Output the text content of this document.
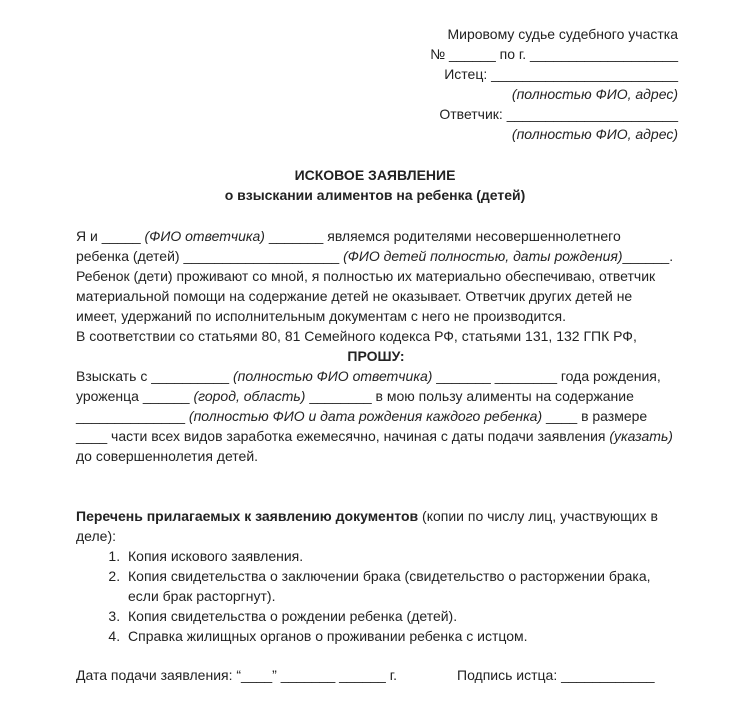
Мировому судье судебного участка
№ ______ по г. ___________________
Истец: ________________________
(полностью ФИО, адрес)
Ответчик: ______________________
(полностью ФИО, адрес)
ИСКОВОЕ ЗАЯВЛЕНИЕ
о взыскании алиментов на ребенка (детей)
Я и _____ (ФИО ответчика) _______ являемся родителями несовершеннолетнего ребенка (детей) ____________________ (ФИО детей полностью, даты рождения)______.
Ребенок (дети) проживают со мной, я полностью их материально обеспечиваю, ответчик материальной помощи на содержание детей не оказывает. Ответчик других детей не имеет, удержаний по исполнительным документам с него не производится.
В соответствии со статьями 80, 81 Семейного кодекса РФ, статьями 131, 132 ГПК РФ,
ПРОШУ:
Взыскать с __________ (полностью ФИО ответчика) _______ ________ года рождения, уроженца ______ (город, область) ________ в мою пользу алименты на содержание ______________ (полностью ФИО и дата рождения каждого ребенка) ____ в размере ____ части всех видов заработка ежемесячно, начиная с даты подачи заявления (указать) до совершеннолетия детей.
Перечень прилагаемых к заявлению документов (копии по числу лиц, участвующих в деле):
1. Копия искового заявления.
2. Копия свидетельства о заключении брака (свидетельство о расторжении брака, если брак расторгнут).
3. Копия свидетельства о рождении ребенка (детей).
4. Справка жилищных органов о проживании ребенка с истцом.
Дата подачи заявления: “____” _______ ______ г.	Подпись истца: ____________
